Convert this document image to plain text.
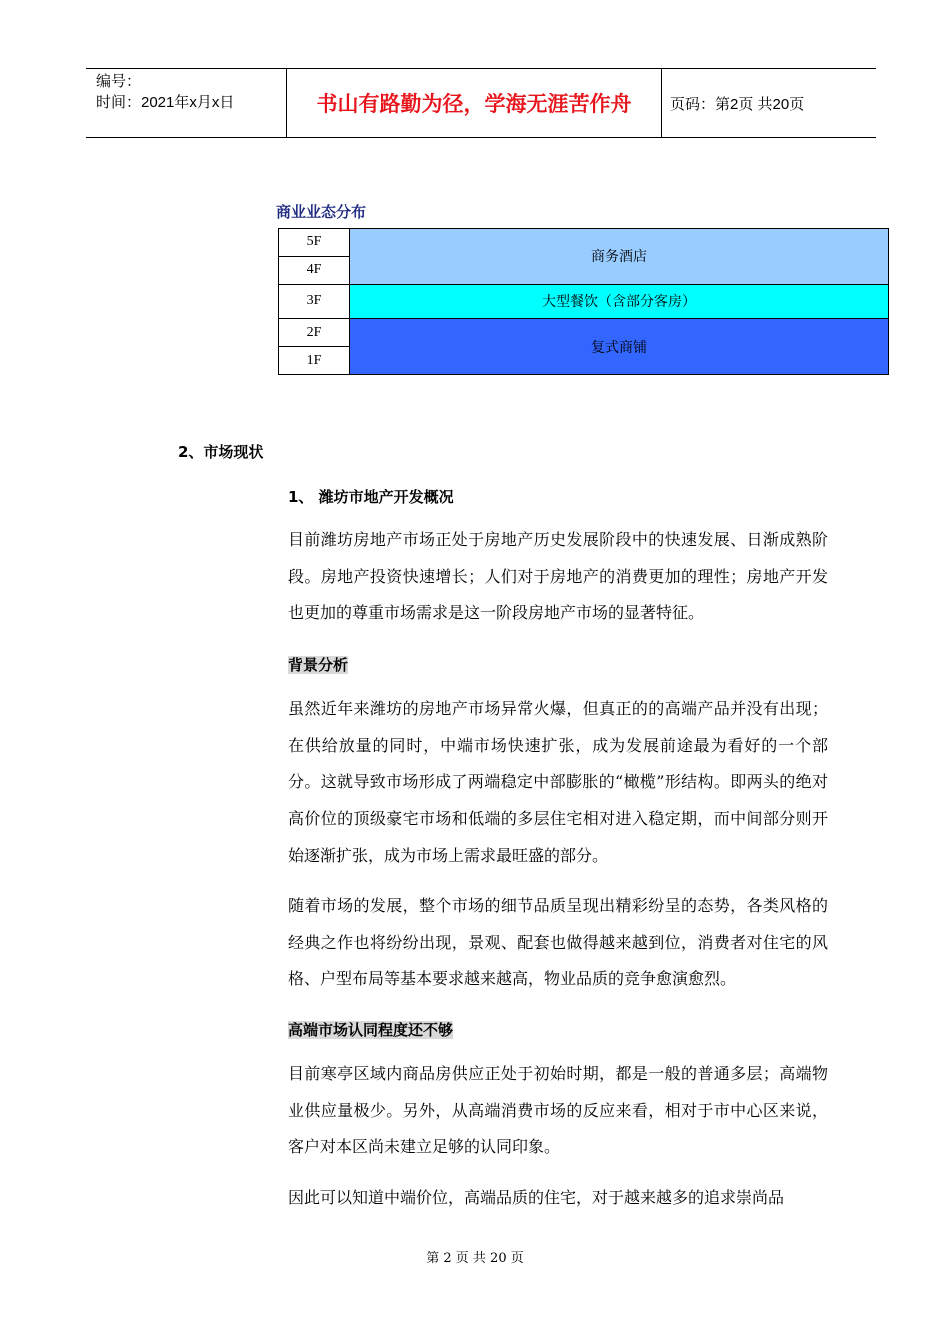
编号：
时间：2021年x月x日	书山有路勤为径，学海无涯苦作舟	页码：第2页 共20页
商业业态分布
5F	商务酒店
4F	
3F	大型餐饮（含部分客房）
2F	复式商铺
1F	
2、市场现状
1、 潍坊市地产开发概况

目前潍坊房地产市场正处于房地产历史发展阶段中的快速发展、日渐成熟阶段。房地产投资快速增长；人们对于房地产的消费更加的理性；房地产开发也更加的尊重市场需求是这一阶段房地产市场的显著特征。

背景分析

虽然近年来潍坊的房地产市场异常火爆，但真正的的高端产品并没有出现；在供给放量的同时，中端市场快速扩张，成为发展前途最为看好的一个部分。这就导致市场形成了两端稳定中部膨胀的“橄榄”形结构。即两头的绝对高价位的顶级豪宅市场和低端的多层住宅相对进入稳定期，而中间部分则开始逐渐扩张，成为市场上需求最旺盛的部分。

随着市场的发展，整个市场的细节品质呈现出精彩纷呈的态势，各类风格的经典之作也将纷纷出现，景观、配套也做得越来越到位，消费者对住宅的风格、户型布局等基本要求越来越高，物业品质的竞争愈演愈烈。

高端市场认同程度还不够

目前寒亭区域内商品房供应正处于初始时期，都是一般的普通多层；高端物业供应量极少。另外，从高端消费市场的反应来看，相对于市中心区来说，客户对本区尚未建立足够的认同印象。

因此可以知道中端价位，高端品质的住宅，对于越来越多的追求崇尚品

第 2 页 共 20 页
